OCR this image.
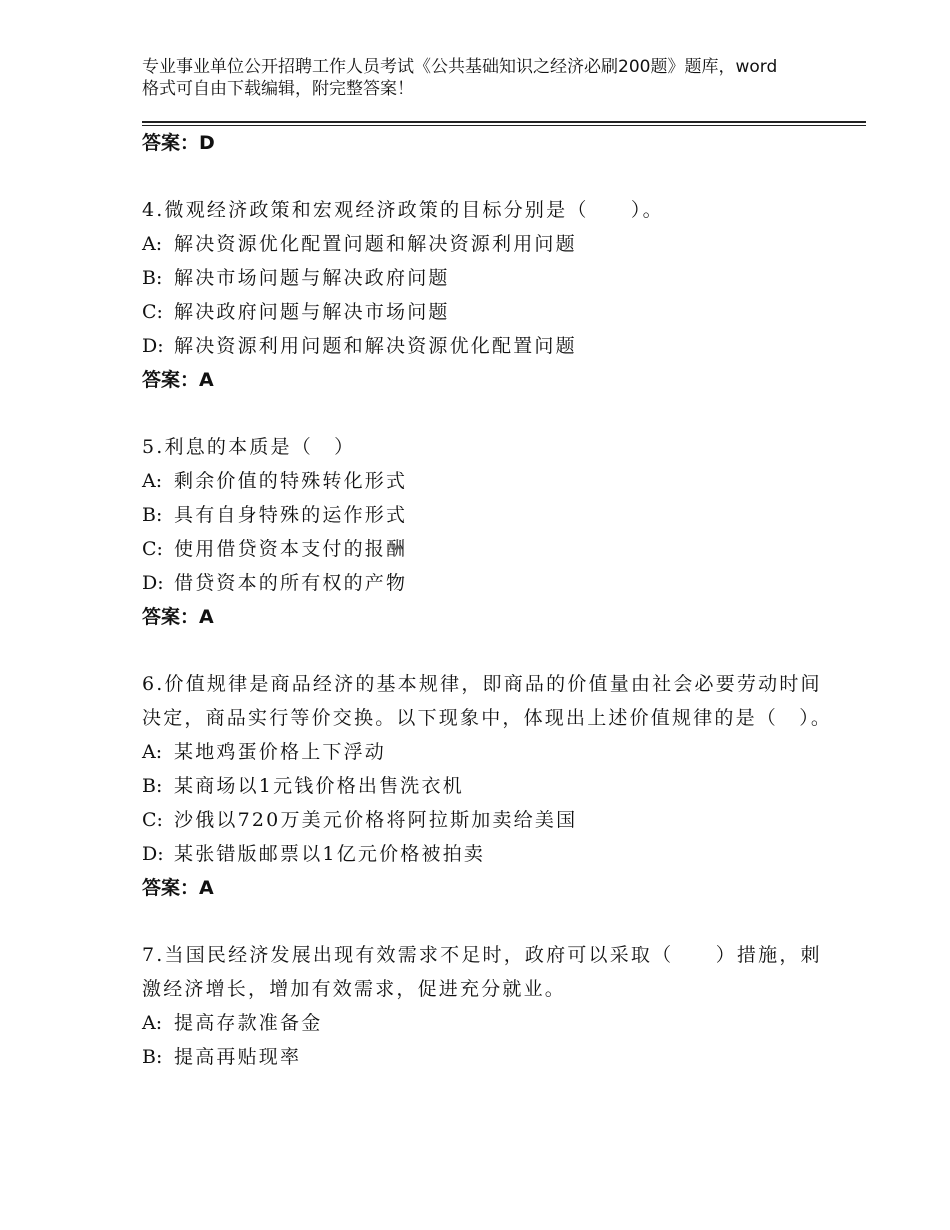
专业事业单位公开招聘工作人员考试《公共基础知识之经济必刷200题》题库，word格式可自由下载编辑，附完整答案！

答案：D

4.微观经济政策和宏观经济政策的目标分别是（　　）。

A: 解决资源优化配置问题和解决资源利用问题

B: 解决市场问题与解决政府问题

C: 解决政府问题与解决市场问题

D: 解决资源利用问题和解决资源优化配置问题

答案：A

5.利息的本质是（　）

A: 剩余价值的特殊转化形式

B: 具有自身特殊的运作形式

C: 使用借贷资本支付的报酬

D: 借贷资本的所有权的产物

答案：A

6.价值规律是商品经济的基本规律，即商品的价值量由社会必要劳动时间决定，商品实行等价交换。以下现象中，体现出上述价值规律的是（　）。

A: 某地鸡蛋价格上下浮动

B: 某商场以1元钱价格出售洗衣机

C: 沙俄以720万美元价格将阿拉斯加卖给美国

D: 某张错版邮票以1亿元价格被拍卖

答案：A

7.当国民经济发展出现有效需求不足时，政府可以采取（　　）措施，刺激经济增长，增加有效需求，促进充分就业。

A: 提高存款准备金

B: 提高再贴现率
